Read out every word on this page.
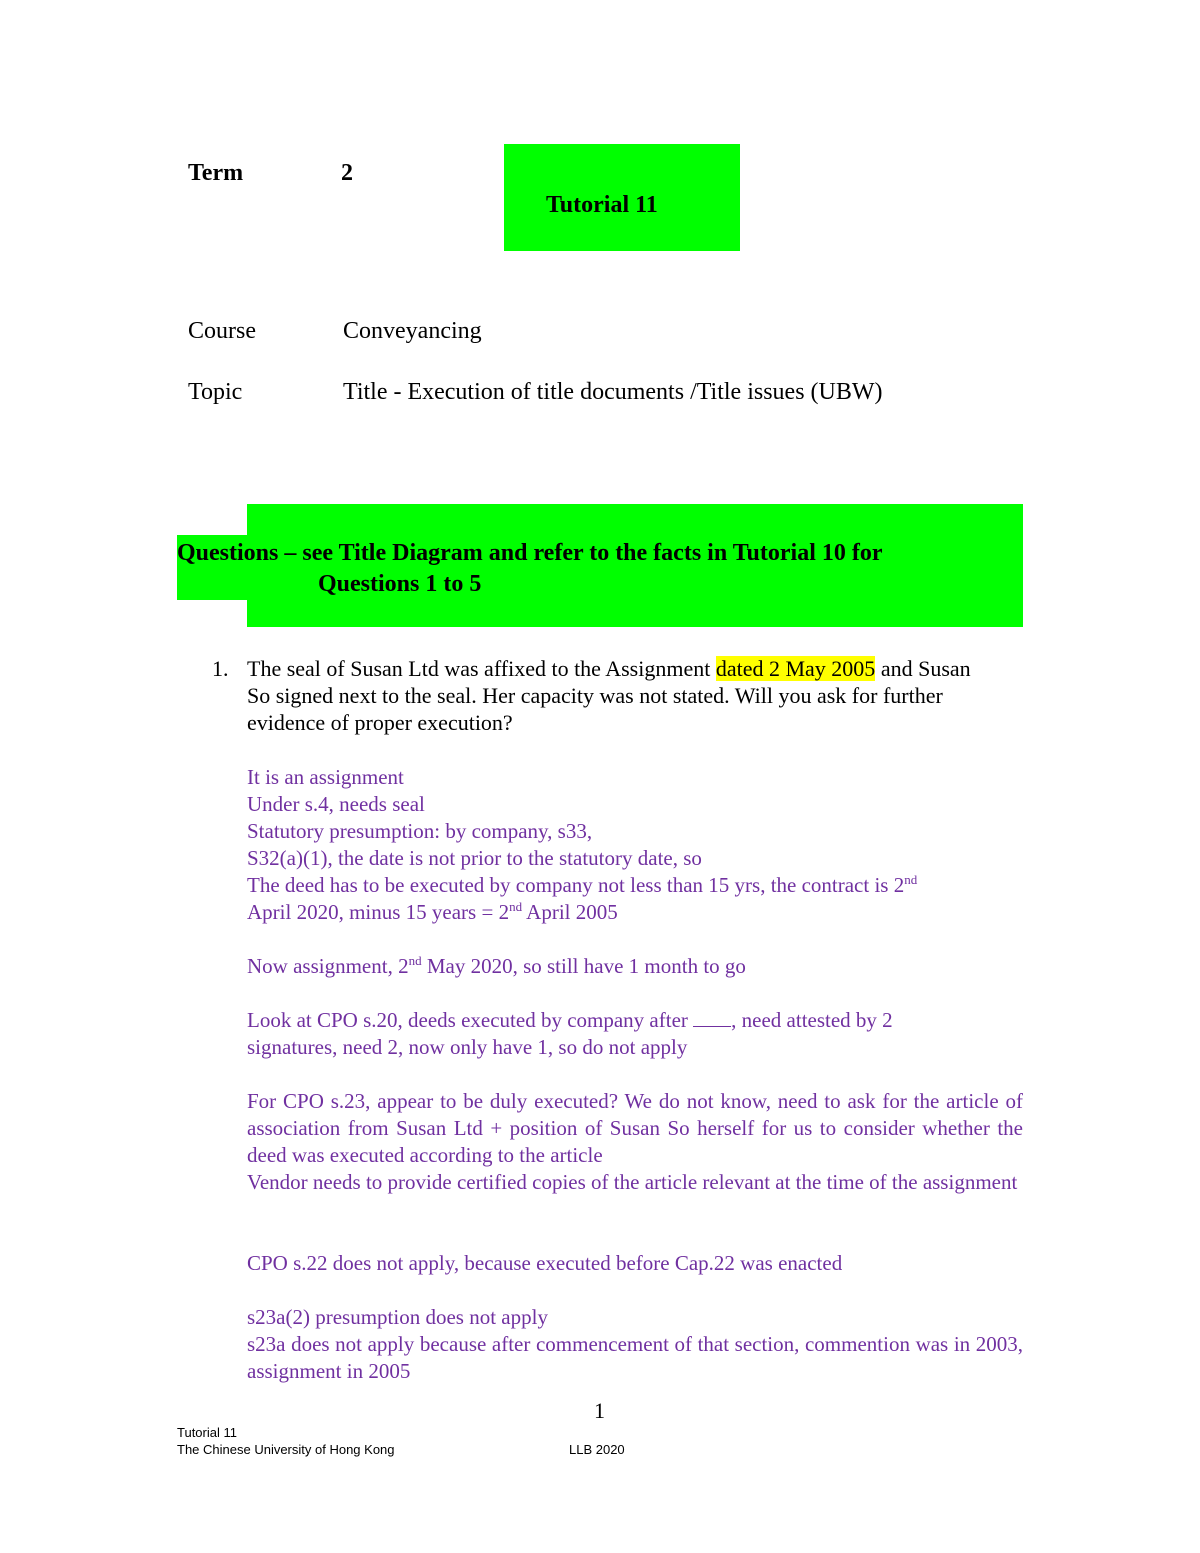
Term	2
Tutorial 11
Course	Conveyancing
Topic	Title - Execution of title documents /Title issues (UBW)
Questions – see Title Diagram and refer to the facts in Tutorial 10 for
Questions 1 to 5
1. The seal of Susan Ltd was affixed to the Assignment dated 2 May 2005 and Susan
So signed next to the seal. Her capacity was not stated. Will you ask for further
evidence of proper execution?
It is an assignment
Under s.4, needs seal
Statutory presumption: by company, s33,
S32(a)(1), the date is not prior to the statutory date, so
The deed has to be executed by company not less than 15 yrs, the contract is 2nd
April 2020, minus 15 years = 2nd April 2005
Now assignment, 2nd May 2020, so still have 1 month to go
Look at CPO s.20, deeds executed by company after , need attested by 2
signatures, need 2, now only have 1, so do not apply
For CPO s.23, appear to be duly executed? We do not know, need to ask for the article of association from Susan Ltd + position of Susan So herself for us to consider whether the deed was executed according to the article
Vendor needs to provide certified copies of the article relevant at the time of the assignment
CPO s.22 does not apply, because executed before Cap.22 was enacted
s23a(2) presumption does not apply
s23a does not apply because after commencement of that section, commention was in 2003, assignment in 2005
1
Tutorial 11
The Chinese University of Hong Kong	LLB 2020
